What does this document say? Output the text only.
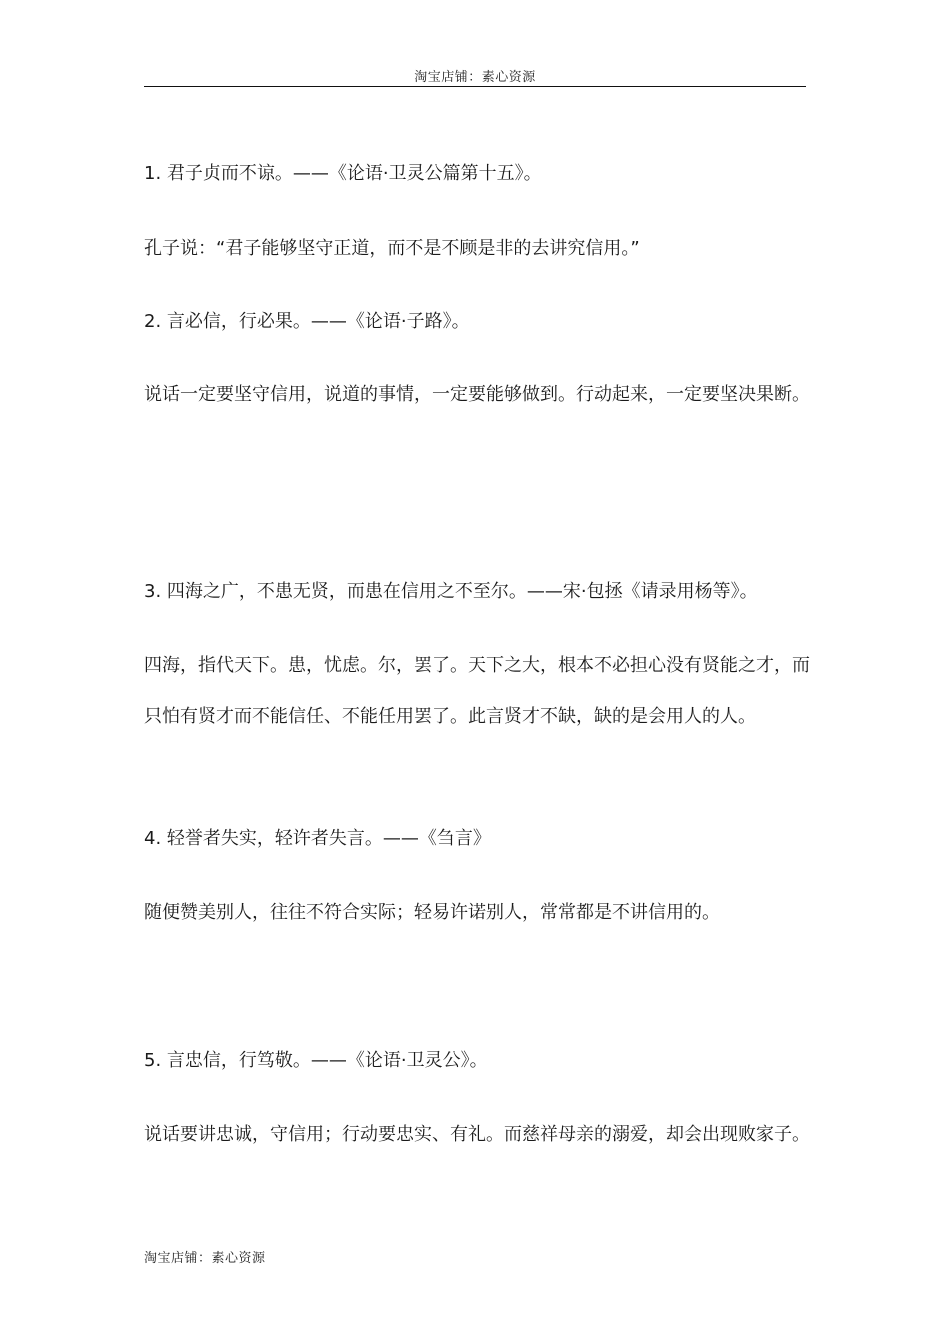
淘宝店铺：素心资源

1. 君子贞而不谅。——《论语·卫灵公篇第十五》。

孔子说：“君子能够坚守正道，而不是不顾是非的去讲究信用。”

2. 言必信，行必果。——《论语·子路》。

说话一定要坚守信用，说道的事情，一定要能够做到。行动起来，一定要坚决果断。

3. 四海之广，不患无贤，而患在信用之不至尔。——宋·包拯《请录用杨等》。

四海，指代天下。患，忧虑。尔，罢了。天下之大，根本不必担心没有贤能之才，而只怕有贤才而不能信任、不能任用罢了。此言贤才不缺，缺的是会用人的人。

4. 轻誉者失实，轻许者失言。——《刍言》

随便赞美别人，往往不符合实际；轻易许诺别人，常常都是不讲信用的。

5. 言忠信，行笃敬。——《论语·卫灵公》。

说话要讲忠诚，守信用；行动要忠实、有礼。而慈祥母亲的溺爱，却会出现败家子。

淘宝店铺：素心资源
